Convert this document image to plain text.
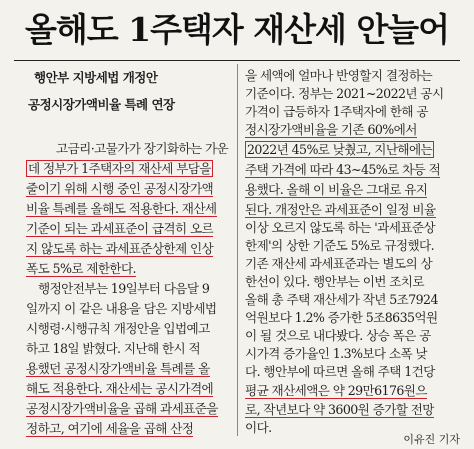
올해도 1주택자 재산세 안늘어
행안부 지방세법 개정안
공정시장가액비율 특례 연장
고금리·고물가가 장기화하는 가운
데 정부가 1주택자의 재산세 부담을
줄이기 위해 시행 중인 공정시장가액
비율 특례를 올해도 적용한다. 재산세
기준이 되는 과세표준이 급격히 오르
지 않도록 하는 과세표준상한제 인상
폭도 5%로 제한한다.
행정안전부는 19일부터 다음달 9
일까지 이 같은 내용을 담은 지방세법
시행령·시행규칙 개정안을 입법예고
하고 18일 밝혔다. 지난해 한시 적
용했던 공정시장가액비율 특례를 올
해도 적용한다. 재산세는 공시가격에
공정시장가액비율을 곱해 과세표준을
정하고, 여기에 세율을 곱해 산정
을 세액에 얼마나 반영할지 결정하는
기준이다. 정부는 2021~2022년 공시
가격이 급등하자 1주택자에 한해 공
정시장가액비율을 기존 60%에서
2022년 45%로 낮췄고, 지난해에는
주택 가격에 따라 43~45%로 차등 적
용했다. 올해 이 비율은 그대로 유지
된다. 개정안은 과세표준이 일정 비율
이상 오르지 않도록 하는 '과세표준상
한제'의 상한 기준도 5%로 규정했다.
기존 재산세 과세표준과는 별도의 상
한선이 있다. 행안부는 이번 조치로
올해 총 주택 재산세가 작년 5조7924
억원보다 1.2% 증가한 5조8635억원
이 될 것으로 내다봤다. 상승 폭은 공
시가격 증가율인 1.3%보다 소폭 낮
다. 행안부에 따르면 올해 주택 1건당
평균 재산세액은 약 29만6176원으
로, 작년보다 약 3600원 증가할 전망
이다.
이유진 기자
